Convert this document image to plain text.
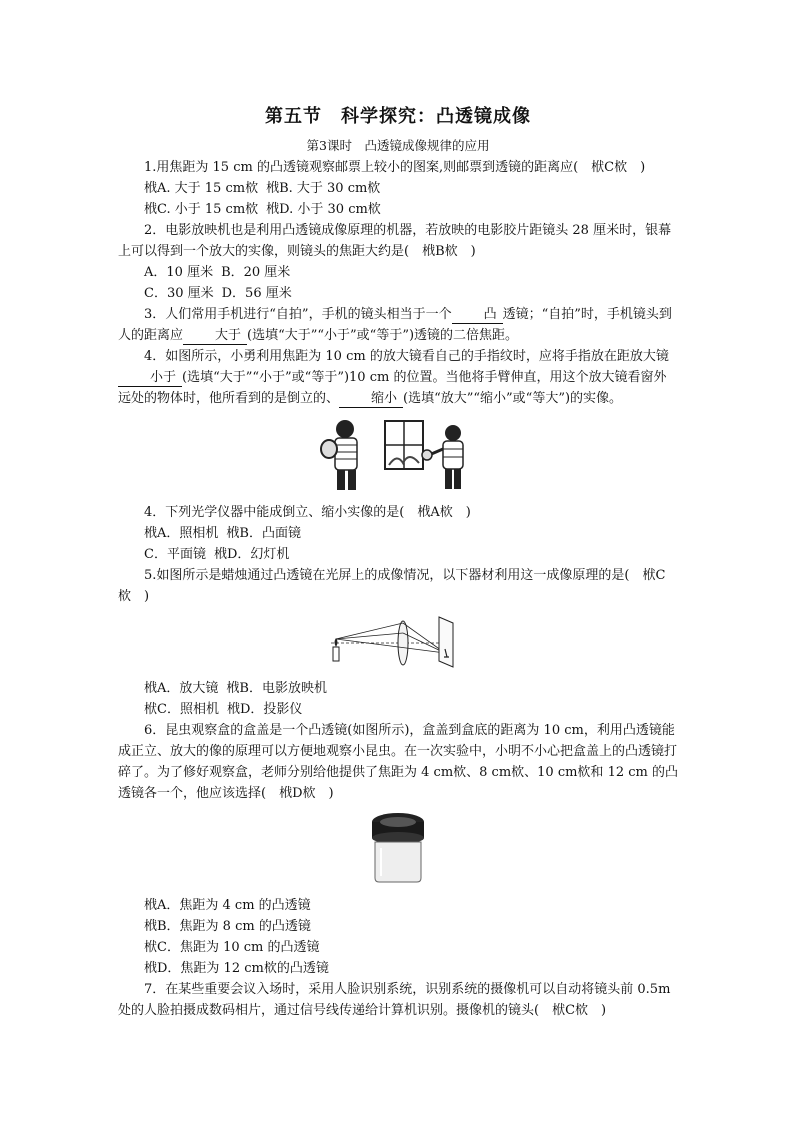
第五节　科学探究：凸透镜成像
第3课时　凸透镜成像规律的应用

1.用焦距为 15 cm 的凸透镜观察邮票上较小的图案,则邮票到透镜的距离应(　栿C栨　)

栰A. 大于 15 cm栨 栰B. 大于 30 cm栨

栰C. 小于 15 cm栨 栰D. 小于 30 cm栨

2．电影放映机也是利用凸透镜成像原理的机器，若放映的电影胶片距镜头 28 厘米时，银幕上可以得到一个放大的实像，则镜头的焦距大约是(　栰B栨　)

A．10 厘米 B．20 厘米

C．30 厘米 D．56 厘米

3．人们常用手机进行“自拍”，手机的镜头相当于一个 凸 透镜；“自拍”时，手机镜头到人的距离应 大于 (选填“大于”“小于”或“等于”)透镜的二倍焦距。

4．如图所示，小勇利用焦距为 10 cm 的放大镜看自己的手指纹时，应将手指放在距放大镜小于 (选填“大于”“小于”或“等于”)10 cm 的位置。当他将手臂伸直，用这个放大镜看窗外远处的物体时，他所看到的是倒立的、 缩小 (选填“放大”“缩小”或“等大”)的实像。

4．下列光学仪器中能成倒立、缩小实像的是(　栰A栨　)

栰A．照相机 栰B．凸面镜

C．平面镜 栰D．幻灯机

5.如图所示是蜡烛通过凸透镜在光屏上的成像情况，以下器材利用这一成像原理的是(　栿C栨　)

栰A．放大镜 栰B．电影放映机

栿C．照相机 栰D．投影仪

6．昆虫观察盒的盒盖是一个凸透镜(如图所示)，盒盖到盒底的距离为 10 cm，利用凸透镜能成正立、放大的像的原理可以方便地观察小昆虫。在一次实验中，小明不小心把盒盖上的凸透镜打碎了。为了修好观察盒，老师分别给他提供了焦距为 4 cm栨、8 cm栨、10 cm栨和 12 cm 的凸透镜各一个，他应该选择(　栰D栨　)

栰A．焦距为 4 cm 的凸透镜

栰B．焦距为 8 cm 的凸透镜

栿C．焦距为 10 cm 的凸透镜

栰D．焦距为 12 cm栨的凸透镜

7．在某些重要会议入场时，采用人脸识别系统，识别系统的摄像机可以自动将镜头前 0.5m 处的人脸拍摄成数码相片，通过信号线传递给计算机识别。摄像机的镜头(　栿C栨　)
